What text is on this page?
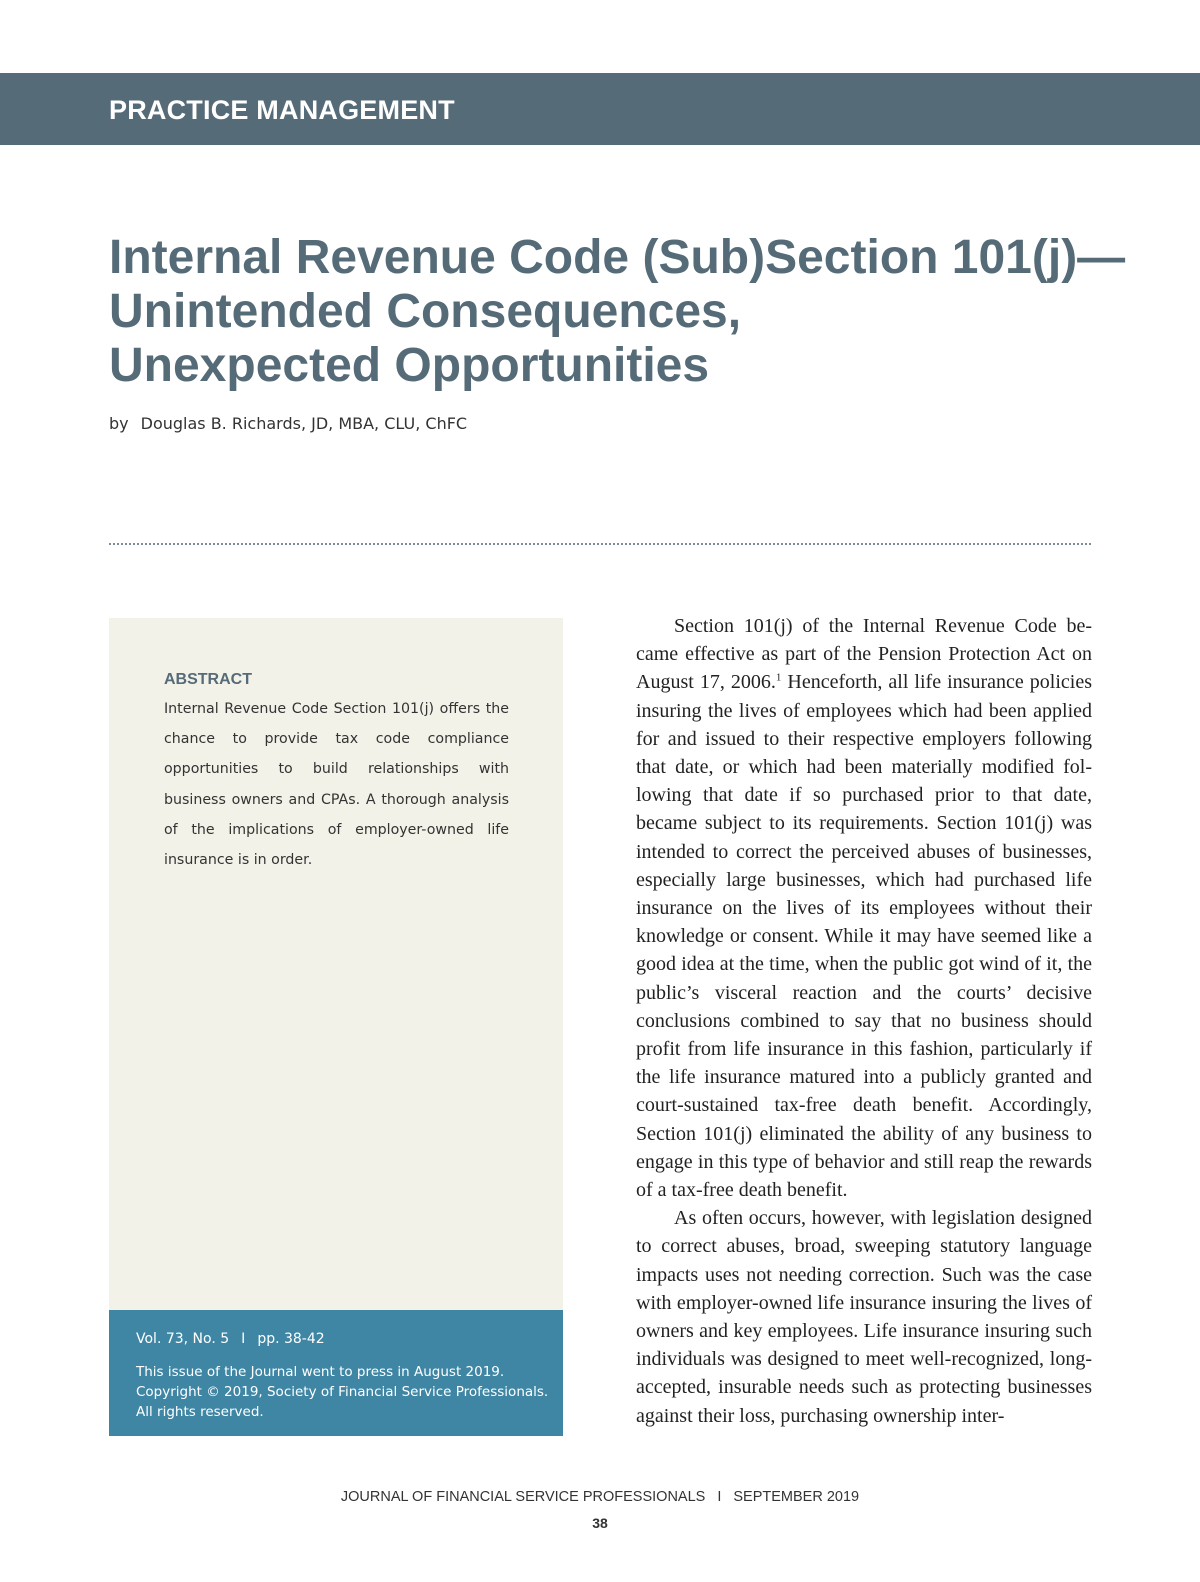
PRACTICE MANAGEMENT
Internal Revenue Code (Sub)Section 101(j)—
Unintended Consequences,
Unexpected Opportunities
by Douglas B. Richards, JD, MBA, CLU, ChFC
ABSTRACT

Internal Revenue Code Section 101(j) offers the chance to provide tax code compliance opportunities to build relationships with business owners and CPAs. A thorough analysis of the implications of employer-owned life insurance is in order.

Vol. 73, No. 5 I pp. 38-42
This issue of the Journal went to press in August 2019.
Copyright © 2019, Society of Financial Service Professionals.
All rights reserved.

Section 101(j) of the Internal Revenue Code became effective as part of the Pension Protection Act on August 17, 2006.$^1$ Henceforth, all life insurance policies insuring the lives of employees which had been applied for and issued to their respective employers following that date, or which had been materially modified following that date if so purchased prior to that date, became subject to its requirements. Section 101(j) was intended to correct the perceived abuses of businesses, especially large businesses, which had purchased life insurance on the lives of its employees without their knowledge or consent. While it may have seemed like a good idea at the time, when the public got wind of it, the public’s visceral reaction and the courts’ decisive conclusions combined to say that no business should profit from life insurance in this fashion, particularly if the life insurance matured into a publicly granted and court-sustained tax-free death benefit. Accordingly, Section 101(j) eliminated the ability of any business to engage in this type of behavior and still reap the rewards of a tax-free death benefit.

As often occurs, however, with legislation designed to correct abuses, broad, sweeping statutory language impacts uses not needing correction. Such was the case with employer-owned life insurance insuring the lives of owners and key employees. Life insurance insuring such individuals was designed to meet well-recognized, long-accepted, insurable needs such as protecting businesses against their loss, purchasing ownership inter-

JOURNAL OF FINANCIAL SERVICE PROFESSIONALS I SEPTEMBER 2019
38
